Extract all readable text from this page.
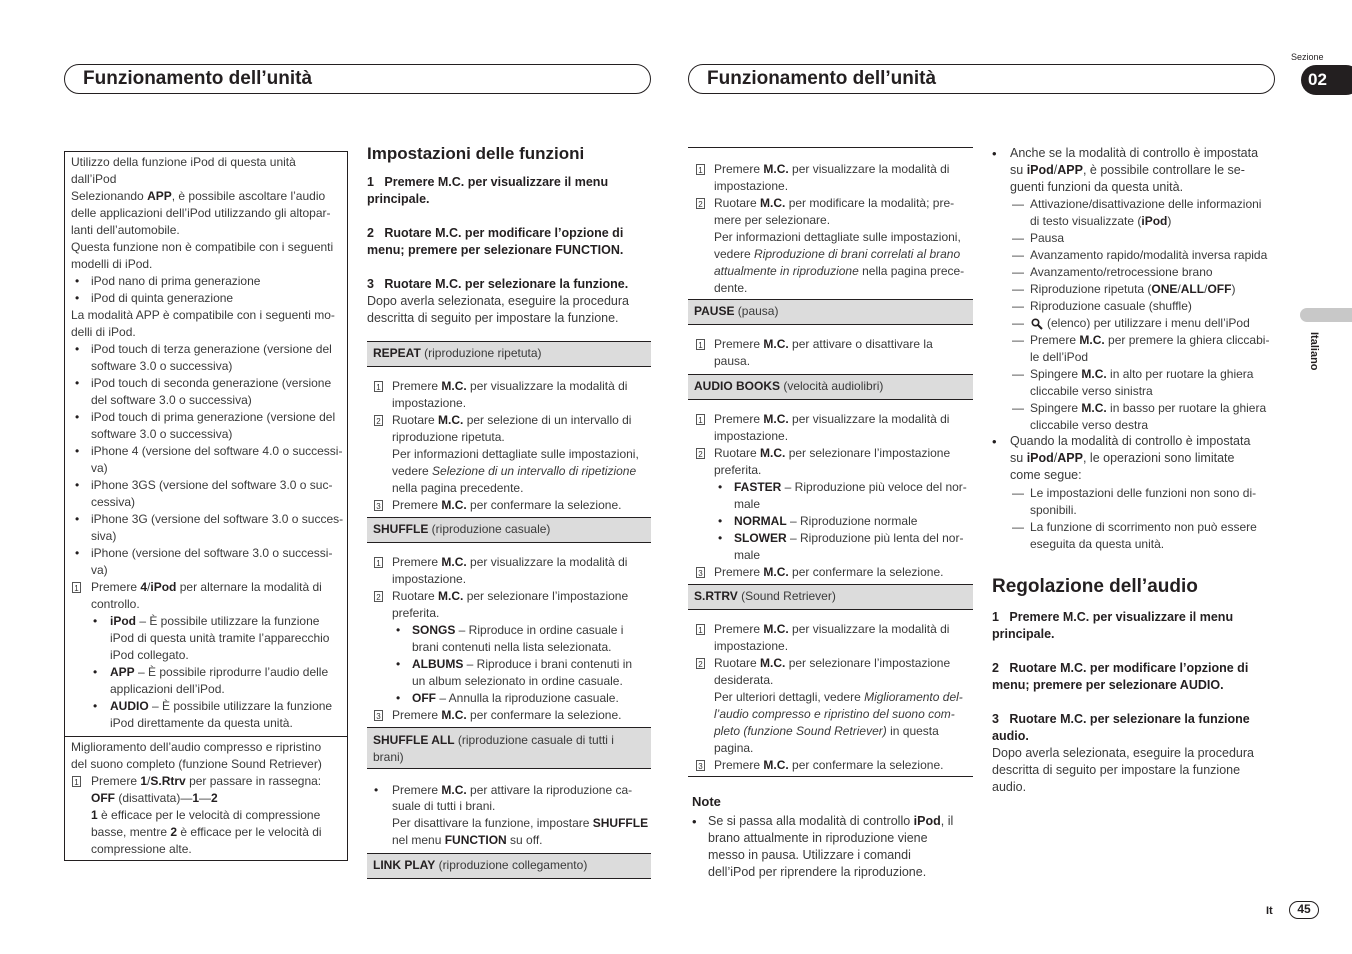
Funzionamento dell’unità	Funzionamento dell’unità
Sezione
02
Italiano
It	45
Utilizzo della funzione iPod di questa unità
dall’iPod
Selezionando APP, è possibile ascoltare l’audio
delle applicazioni dell’iPod utilizzando gli altopar-
lanti dell’automobile.
Questa funzione non è compatibile con i seguenti
modelli di iPod.
• iPod nano di prima generazione
• iPod di quinta generazione
La modalità APP è compatibile con i seguenti mo-
delli di iPod.
• iPod touch di terza generazione (versione del
software 3.0 o successiva)
• iPod touch di seconda generazione (versione
del software 3.0 o successiva)
• iPod touch di prima generazione (versione del
software 3.0 o successiva)
• iPhone 4 (versione del software 4.0 o successi-
va)
• iPhone 3GS (versione del software 3.0 o suc-
cessiva)
• iPhone 3G (versione del software 3.0 o succes-
siva)
• iPhone (versione del software 3.0 o successi-
va)
1 Premere 4/iPod per alternare la modalità di
controllo.
• iPod – È possibile utilizzare la funzione
iPod di questa unità tramite l’apparecchio
iPod collegato.
• APP – È possibile riprodurre l’audio delle
applicazioni dell’iPod.
• AUDIO – È possibile utilizzare la funzione
iPod direttamente da questa unità.
Miglioramento dell’audio compresso e ripristino
del suono completo (funzione Sound Retriever)
1 Premere 1/S.Rtrv per passare in rassegna:
OFF (disattivata)—1—2
1 è efficace per le velocità di compressione
basse, mentre 2 è efficace per le velocità di
compressione alte.
Impostazioni delle funzioni
1 Premere M.C. per visualizzare il menu
principale.
2 Ruotare M.C. per modificare l’opzione di
menu; premere per selezionare FUNCTION.
3 Ruotare M.C. per selezionare la funzione.
Dopo averla selezionata, eseguire la procedura
descritta di seguito per impostare la funzione.
REPEAT (riproduzione ripetuta)
1 Premere M.C. per visualizzare la modalità di
impostazione.
2 Ruotare M.C. per selezione di un intervallo di
riproduzione ripetuta.
Per informazioni dettagliate sulle impostazioni,
vedere Selezione di un intervallo di ripetizione
nella pagina precedente.
3 Premere M.C. per confermare la selezione.
SHUFFLE (riproduzione casuale)
1 Premere M.C. per visualizzare la modalità di
impostazione.
2 Ruotare M.C. per selezionare l’impostazione
preferita.
• SONGS – Riproduce in ordine casuale i
brani contenuti nella lista selezionata.
• ALBUMS – Riproduce i brani contenuti in
un album selezionato in ordine casuale.
• OFF – Annulla la riproduzione casuale.
3 Premere M.C. per confermare la selezione.
SHUFFLE ALL (riproduzione casuale di tutti i
brani)
• Premere M.C. per attivare la riproduzione ca-
suale di tutti i brani.
Per disattivare la funzione, impostare SHUFFLE
nel menu FUNCTION su off.
LINK PLAY (riproduzione collegamento)
1 Premere M.C. per visualizzare la modalità di
impostazione.
2 Ruotare M.C. per modificare la modalità; pre-
mere per selezionare.
Per informazioni dettagliate sulle impostazioni,
vedere Riproduzione di brani correlati al brano
attualmente in riproduzione nella pagina prece-
dente.
PAUSE (pausa)
1 Premere M.C. per attivare o disattivare la
pausa.
AUDIO BOOKS (velocità audiolibri)
1 Premere M.C. per visualizzare la modalità di
impostazione.
2 Ruotare M.C. per selezionare l’impostazione
preferita.
• FASTER – Riproduzione più veloce del nor-
male
• NORMAL – Riproduzione normale
• SLOWER – Riproduzione più lenta del nor-
male
3 Premere M.C. per confermare la selezione.
S.RTRV (Sound Retriever)
1 Premere M.C. per visualizzare la modalità di
impostazione.
2 Ruotare M.C. per selezionare l’impostazione
desiderata.
Per ulteriori dettagli, vedere Miglioramento del-
l’audio compresso e ripristino del suono com-
pleto (funzione Sound Retriever) in questa
pagina.
3 Premere M.C. per confermare la selezione.
Note
• Se si passa alla modalità di controllo iPod, il
brano attualmente in riproduzione viene
messo in pausa. Utilizzare i comandi
dell’iPod per riprendere la riproduzione.
• Anche se la modalità di controllo è impostata
su iPod/APP, è possibile controllare le se-
guenti funzioni da questa unità.
— Attivazione/disattivazione delle informazioni
di testo visualizzate (iPod)
— Pausa
— Avanzamento rapido/modalità inversa rapida
— Avanzamento/retrocessione brano
— Riproduzione ripetuta (ONE/ALL/OFF)
— Riproduzione casuale (shuffle)
— (elenco) per utilizzare i menu dell’iPod
— Premere M.C. per premere la ghiera cliccabi-
le dell’iPod
— Spingere M.C. in alto per ruotare la ghiera
cliccabile verso sinistra
— Spingere M.C. in basso per ruotare la ghiera
cliccabile verso destra
• Quando la modalità di controllo è impostata
su iPod/APP, le operazioni sono limitate
come segue:
— Le impostazioni delle funzioni non sono di-
sponibili.
— La funzione di scorrimento non può essere
eseguita da questa unità.
Regolazione dell’audio
1 Premere M.C. per visualizzare il menu
principale.
2 Ruotare M.C. per modificare l’opzione di
menu; premere per selezionare AUDIO.
3 Ruotare M.C. per selezionare la funzione
audio.
Dopo averla selezionata, eseguire la procedura
descritta di seguito per impostare la funzione
audio.
